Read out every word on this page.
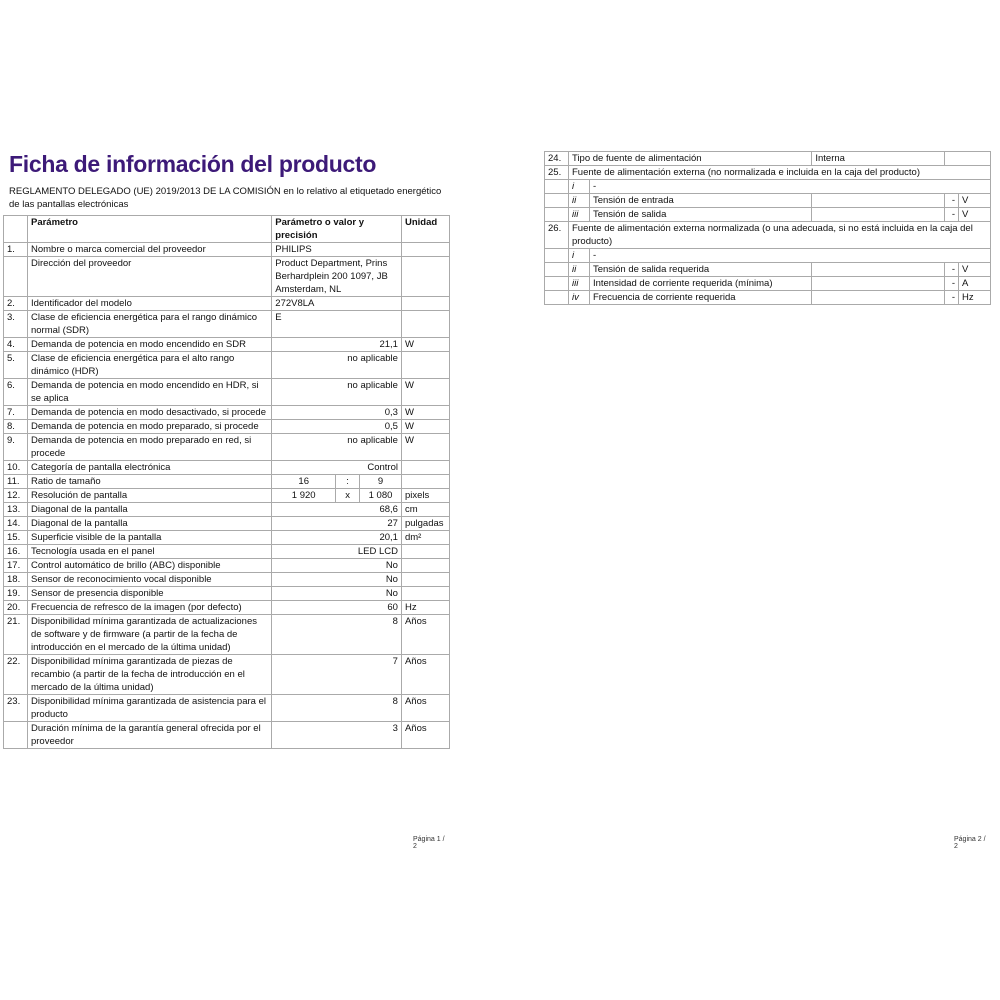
Ficha de información del producto
REGLAMENTO DELEGADO (UE) 2019/2013 DE LA COMISIÓN en lo relativo al etiquetado energético de las pantallas electrónicas
	Parámetro	Parámetro o valor y precisión			Unidad
1.	Nombre o marca comercial del proveedor	PHILIPS			
	Dirección del proveedor	Product Department, Prins Berhardplein 200 1097, JB Amsterdam, NL			
2.	Identificador del modelo	272V8LA			
3.	Clase de eficiencia energética para el rango dinámico normal (SDR)	E			
4.	Demanda de potencia en modo encendido en SDR	21,1			W
5.	Clase de eficiencia energética para el alto rango dinámico (HDR)	no aplicable			
6.	Demanda de potencia en modo encendido en HDR, si se aplica	no aplicable			W
7.	Demanda de potencia en modo desactivado, si procede	0,3			W
8.	Demanda de potencia en modo preparado, si procede	0,5			W
9.	Demanda de potencia en modo preparado en red, si procede	no aplicable			W
10.	Categoría de pantalla electrónica	Control			
11.	Ratio de tamaño	16	:	9	
12.	Resolución de pantalla	1 920	x	1 080	pixels
13.	Diagonal de la pantalla	68,6			cm
14.	Diagonal de la pantalla	27			pulgadas
15.	Superficie visible de la pantalla	20,1			dm²
16.	Tecnología usada en el panel	LED LCD			
17.	Control automático de brillo (ABC) disponible	No			
18.	Sensor de reconocimiento vocal disponible	No			
19.	Sensor de presencia disponible	No			
20.	Frecuencia de refresco de la imagen (por defecto)	60			Hz
21.	Disponibilidad mínima garantizada de actualizaciones de software y de firmware (a partir de la fecha de introducción en el mercado de la última unidad)	8			Años
22.	Disponibilidad mínima garantizada de piezas de recambio (a partir de la fecha de introducción en el mercado de la última unidad)	7			Años
23.	Disponibilidad mínima garantizada de asistencia para el producto	8			Años
	Duración mínima de la garantía general ofrecida por el proveedor	3			Años
Página 1 / 2
24.	Tipo de fuente de alimentación		Interna		
25.	Fuente de alimentación externa (no normalizada e incluida en la caja del producto)				
	i	-			
	ii	Tensión de entrada		-	V
	iii	Tensión de salida		-	V
26.	Fuente de alimentación externa normalizada (o una adecuada, si no está incluida en la caja del producto)				
	i	-			
	ii	Tensión de salida requerida		-	V
	iii	Intensidad de corriente requerida (mínima)		-	A
	iv	Frecuencia de corriente requerida		-	Hz
Página 2 / 2
